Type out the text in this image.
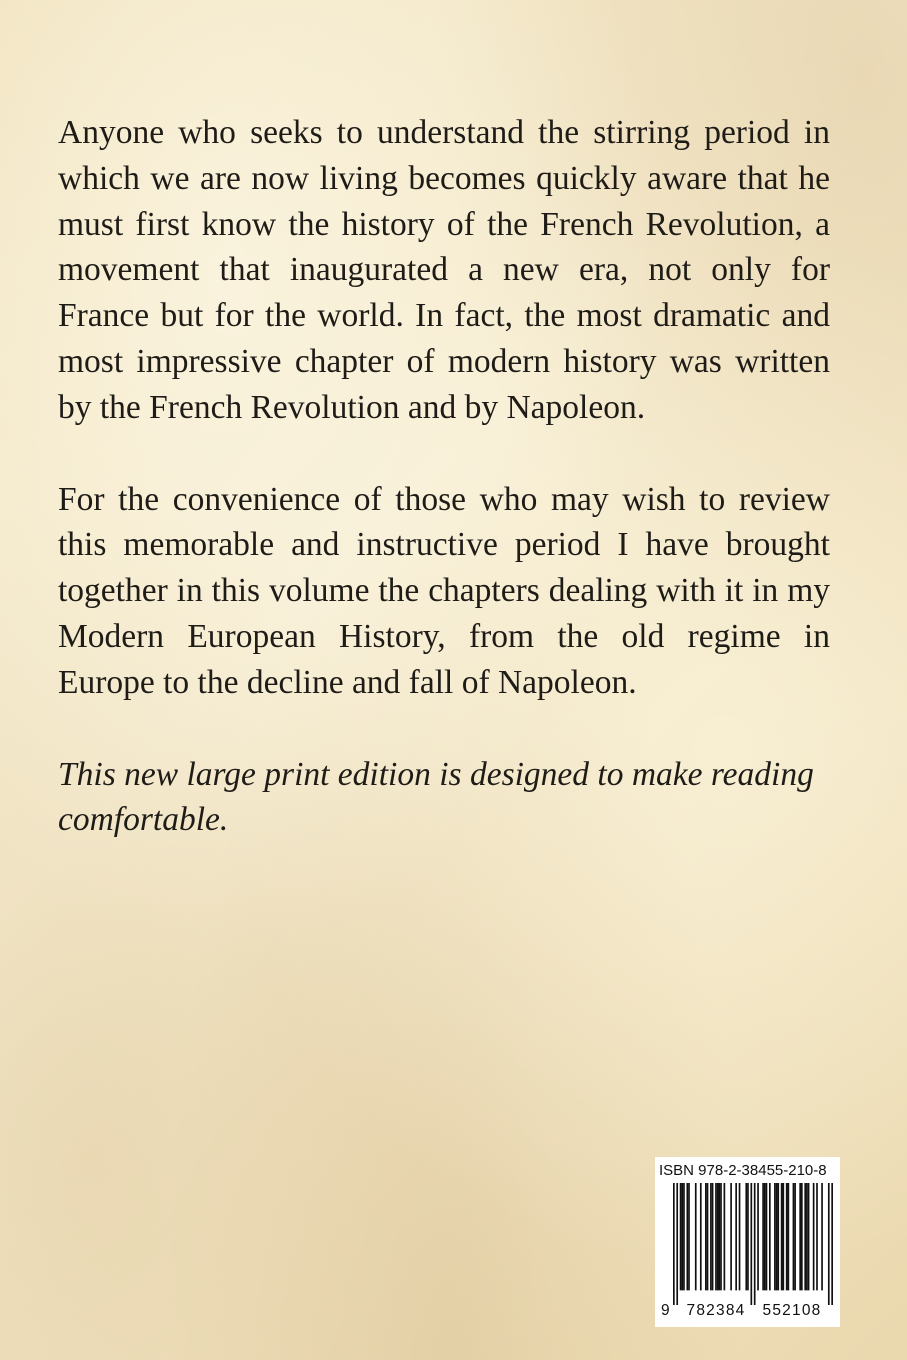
Anyone who seeks to understand the stirring period in which we are now living becomes quickly aware that he must first know the history of the French Revolution, a movement that inaugurated a new era, not only for France but for the world. In fact, the most dramatic and most impressive chapter of modern history was written by the French Revolution and by Napoleon.

For the convenience of those who may wish to review this memorable and instructive period I have brought together in this volume the chapters dealing with it in my Modern European History, from the old regime in Europe to the decline and fall of Napoleon.

This new large print edition is designed to make reading comfortable.

ISBN 978-2-38455-210-8
9	782384	552108
